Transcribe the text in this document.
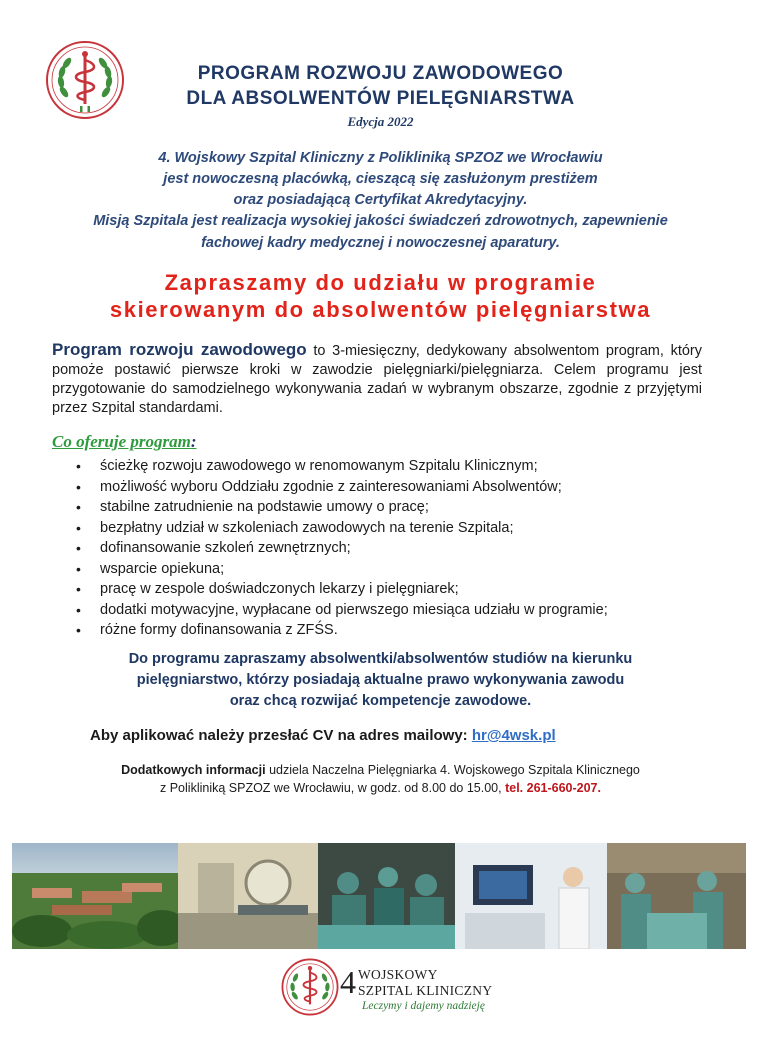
PROGRAM ROZWOJU ZAWODOWEGO
DLA ABSOLWENTÓW PIELĘGNIARSTWA
Edycja 2022
4. Wojskowy Szpital Kliniczny z Polikliniką SPZOZ we Wrocławiu
jest nowoczesną placówką, cieszącą się zasłużonym prestiżem
oraz posiadającą Certyfikat Akredytacyjny.
Misją Szpitala jest realizacja wysokiej jakości świadczeń zdrowotnych, zapewnienie
fachowej kadry medycznej i nowoczesnej aparatury.
Zapraszamy do udziału w programie
skierowanym do absolwentów pielęgniarstwa
Program rozwoju zawodowego to 3-miesięczny, dedykowany absolwentom program, który pomoże postawić pierwsze kroki w zawodzie pielęgniarki/pielęgniarza. Celem programu jest przygotowanie do samodzielnego wykonywania zadań w wybranym obszarze, zgodnie z przyjętymi przez Szpital standardami.
Co oferuje program:
• ścieżkę rozwoju zawodowego w renomowanym Szpitalu Klinicznym;
• możliwość wyboru Oddziału zgodnie z zainteresowaniami Absolwentów;
• stabilne zatrudnienie na podstawie umowy o pracę;
• bezpłatny udział w szkoleniach zawodowych na terenie Szpitala;
• dofinansowanie szkoleń zewnętrznych;
• wsparcie opiekuna;
• pracę w zespole doświadczonych lekarzy i pielęgniarek;
• dodatki motywacyjne, wypłacane od pierwszego miesiąca udziału w programie;
• różne formy dofinansowania z ZFŚS.
Do programu zapraszamy absolwentki/absolwentów studiów na kierunku
pielęgniarstwo, którzy posiadają aktualne prawo wykonywania zawodu
oraz chcą rozwijać kompetencje zawodowe.
Aby aplikować należy przesłać CV na adres mailowy: hr@4wsk.pl
Dodatkowych informacji udziela Naczelna Pielęgniarka 4. Wojskowego Szpitala Klinicznego
z Polikliniką SPZOZ we Wrocławiu, w godz. od 8.00 do 15.00, tel. 261-660-207.
4 WOJSKOWY
SZPITAL KLINICZNY
Leczymy i dajemy nadzieję
